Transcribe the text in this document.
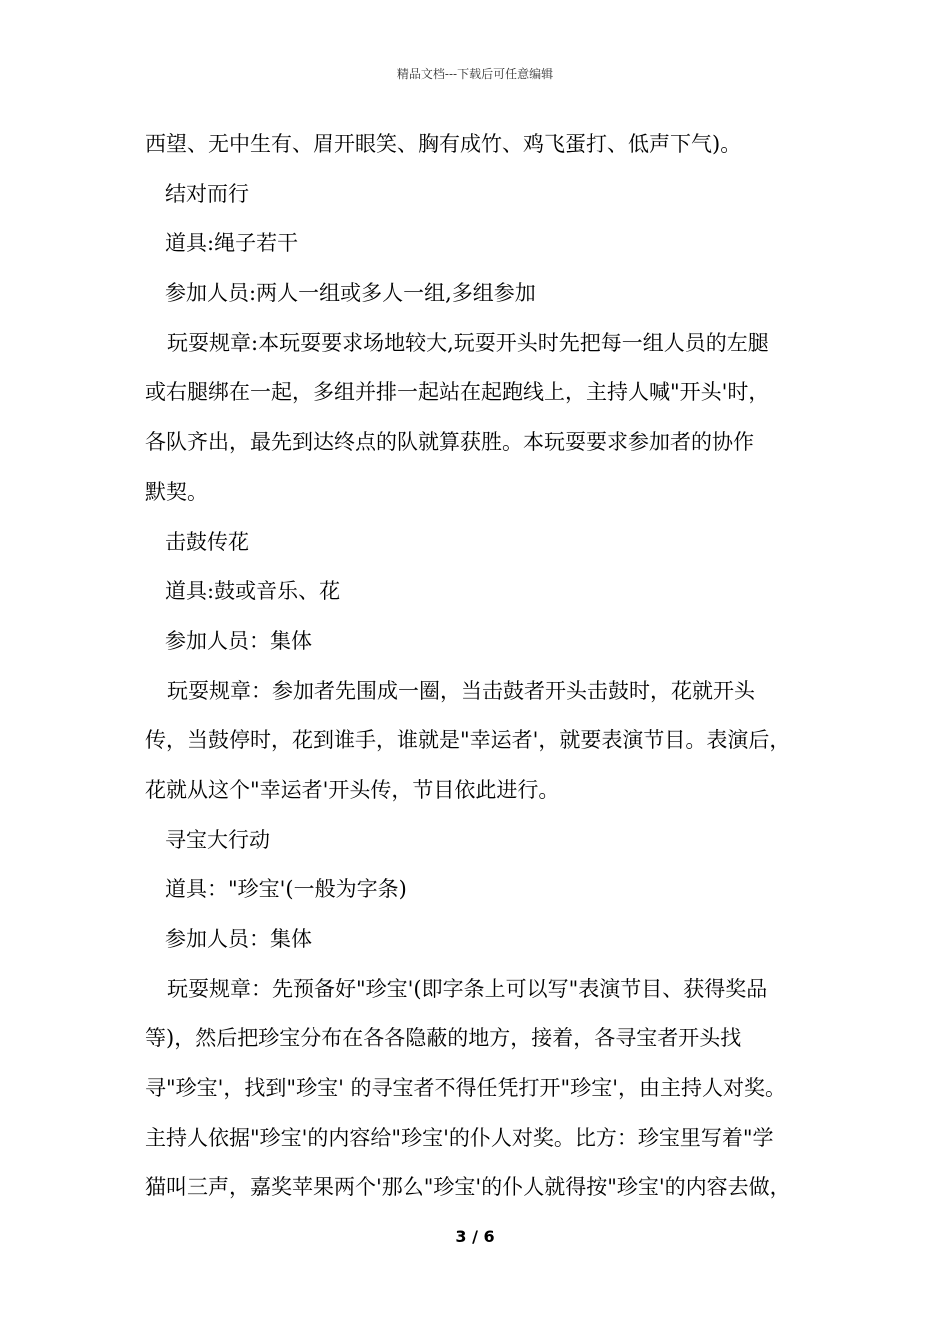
精品文档---下载后可任意编辑
西望、无中生有、眉开眼笑、胸有成竹、鸡飞蛋打、低声下气)。
结对而行
道具:绳子若干
参加人员:两人一组或多人一组,多组参加
玩耍规章:本玩耍要求场地较大,玩耍开头时先把每一组人员的左腿
或右腿绑在一起，多组并排一起站在起跑线上，主持人喊"开头'时，
各队齐出，最先到达终点的队就算获胜。本玩耍要求参加者的协作
默契。
击鼓传花
道具:鼓或音乐、花
参加人员：集体
玩耍规章：参加者先围成一圈，当击鼓者开头击鼓时，花就开头
传，当鼓停时，花到谁手，谁就是"幸运者'，就要表演节目。表演后，
花就从这个"幸运者'开头传，节目依此进行。
寻宝大行动
道具："珍宝'(一般为字条)
参加人员：集体
玩耍规章：先预备好"珍宝'(即字条上可以写"表演节目、获得奖品
等)，然后把珍宝分布在各各隐蔽的地方，接着，各寻宝者开头找
寻"珍宝'，找到"珍宝' 的寻宝者不得任凭打开"珍宝'，由主持人对奖。
主持人依据"珍宝'的内容给"珍宝'的仆人对奖。比方：珍宝里写着"学
猫叫三声，嘉奖苹果两个'那么"珍宝'的仆人就得按"珍宝'的内容去做，
3 / 6
